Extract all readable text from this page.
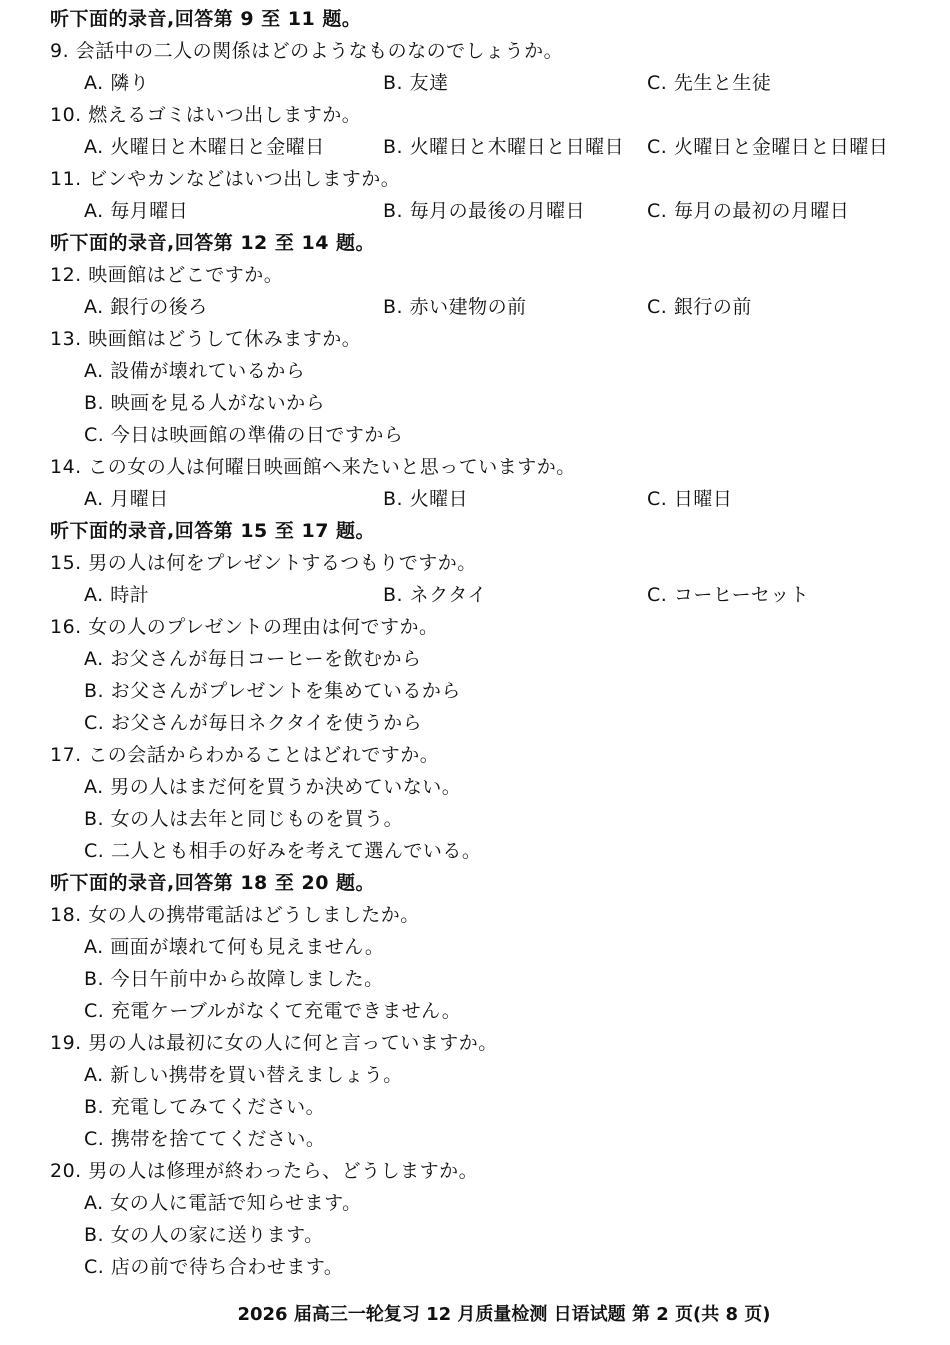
听下面的录音,回答第 9 至 11 题。
9. 会話中の二人の関係はどのようなものなのでしょうか。
A. 隣り	B. 友達	C. 先生と生徒
10. 燃えるゴミはいつ出しますか。
A. 火曜日と木曜日と金曜日	B. 火曜日と木曜日と日曜日 C. 火曜日と金曜日と日曜日
11. ビンやカンなどはいつ出しますか。
A. 毎月曜日	B. 毎月の最後の月曜日	C. 毎月の最初の月曜日
听下面的录音,回答第 12 至 14 题。
12. 映画館はどこですか。
A. 銀行の後ろ	B. 赤い建物の前	C. 銀行の前
13. 映画館はどうして休みますか。
A. 設備が壊れているから
B. 映画を見る人がないから
C. 今日は映画館の準備の日ですから
14. この女の人は何曜日映画館へ来たいと思っていますか。
A. 月曜日	B. 火曜日	C. 日曜日
听下面的录音,回答第 15 至 17 题。
15. 男の人は何をプレゼントするつもりですか。
A. 時計	B. ネクタイ	C. コーヒーセット
16. 女の人のプレゼントの理由は何ですか。
A. お父さんが毎日コーヒーを飲むから
B. お父さんがプレゼントを集めているから
C. お父さんが毎日ネクタイを使うから
17. この会話からわかることはどれですか。
A. 男の人はまだ何を買うか決めていない。
B. 女の人は去年と同じものを買う。
C. 二人とも相手の好みを考えて選んでいる。
听下面的录音,回答第 18 至 20 题。
18. 女の人の携帯電話はどうしましたか。
A. 画面が壊れて何も見えません。
B. 今日午前中から故障しました。
C. 充電ケーブルがなくて充電できません。
19. 男の人は最初に女の人に何と言っていますか。
A. 新しい携帯を買い替えましょう。
B. 充電してみてください。
C. 携帯を捨ててください。
20. 男の人は修理が終わったら、どうしますか。
A. 女の人に電話で知らせます。
B. 女の人の家に送ります。
C. 店の前で待ち合わせます。
2026 届高三一轮复习 12 月质量检测 日语试题 第 2 页(共 8 页)
